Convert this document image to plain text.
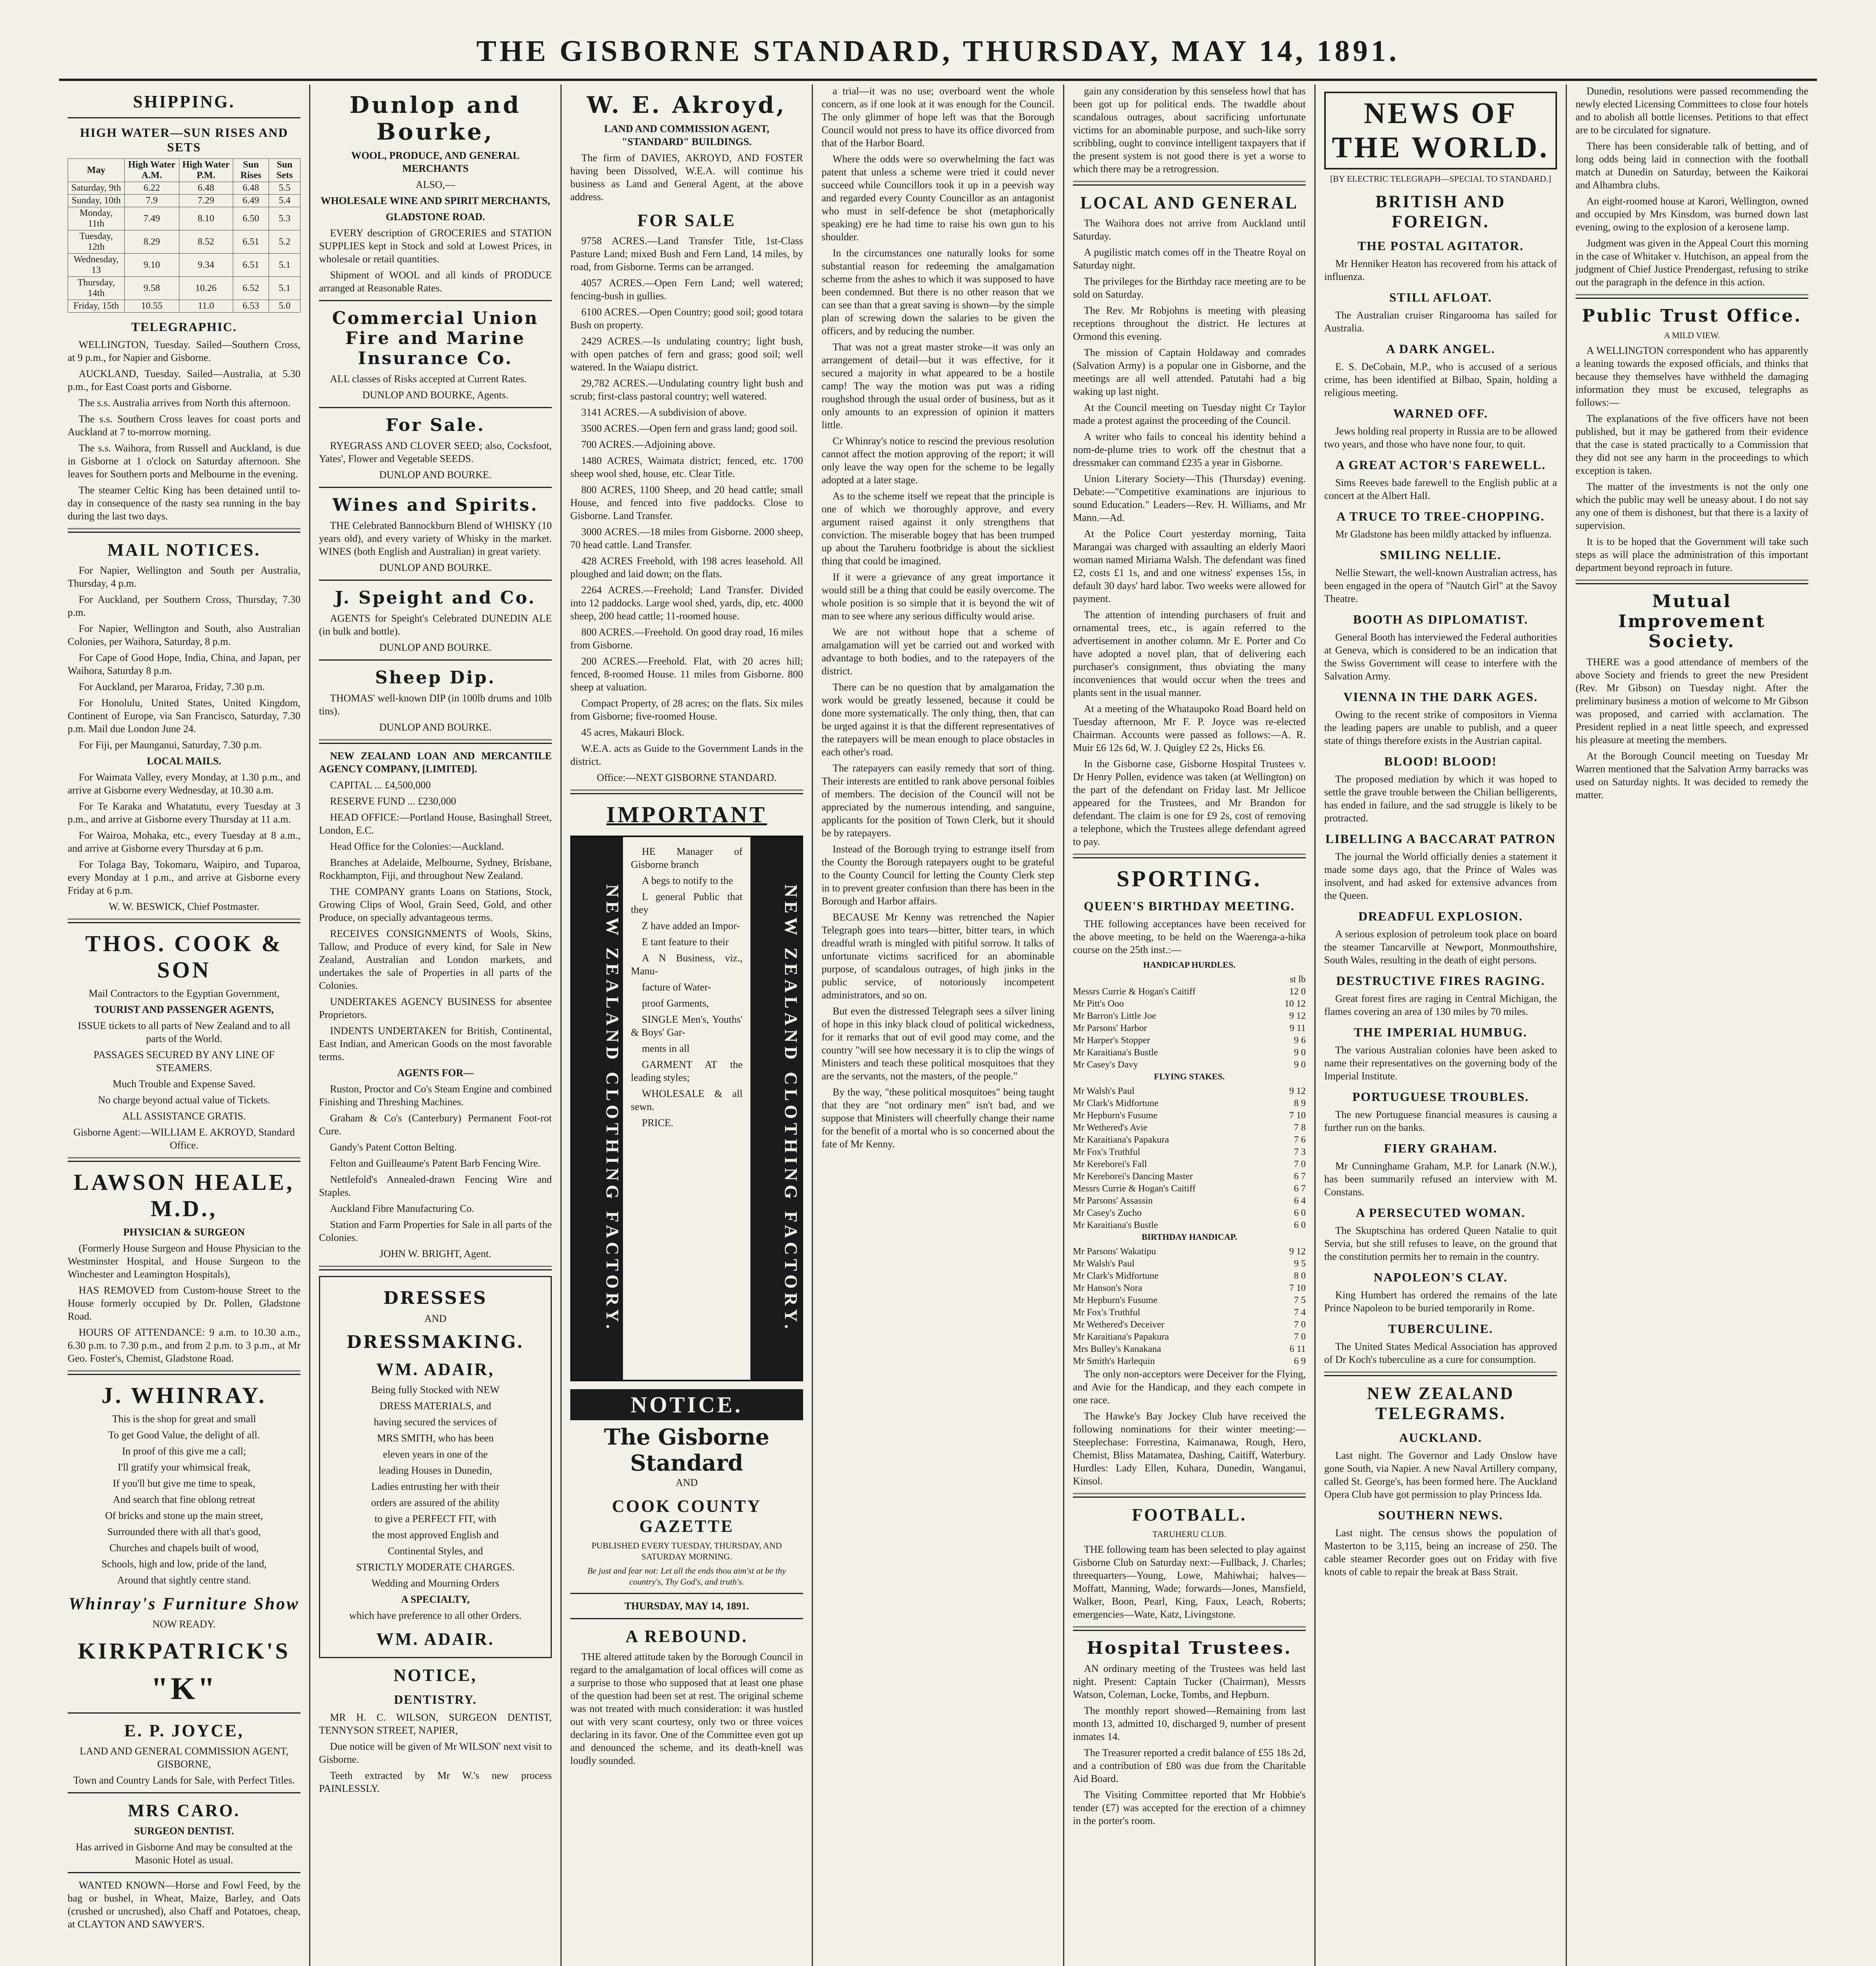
THE GISBORNE STANDARD, THURSDAY, MAY 14, 1891.
SHIPPING.
HIGH WATER—SUN RISES AND SETS
May	High Water A.M.	High Water P.M.	Sun Rises	Sun Sets
Saturday, 9th	6.22	6.48	6.48	5.5
Sunday, 10th	7.9	7.29	6.49	5.4
Monday, 11th	7.49	8.10	6.50	5.3
Tuesday, 12th	8.29	8.52	6.51	5.2
Wednesday, 13	9.10	9.34	6.51	5.1
Thursday, 14th	9.58	10.26	6.52	5.1
Friday, 15th	10.55	11.0	6.53	5.0
TELEGRAPHIC.
WELLINGTON, Tuesday. Sailed—Southern Cross, at 9 p.m., for Napier and Gisborne.
AUCKLAND, Tuesday. Sailed—Australia, at 5.30 p.m., for East Coast ports and Gisborne.
The s.s. Australia arrives from North this afternoon.
The s.s. Southern Cross leaves for coast ports and Auckland at 7 to-morrow morning.
The s.s. Waihora, from Russell and Auckland, is due in Gisborne at 1 o'clock on Saturday afternoon. She leaves for Southern ports and Melbourne in the evening.
The steamer Celtic King has been detained until to-day in consequence of the nasty sea running in the bay during the last two days.
MAIL NOTICES.
For Napier, Wellington and South per Australia, Thursday, 4 p.m.
For Auckland, per Southern Cross, Thursday, 7.30 p.m.
For Napier, Wellington and South, also Australian Colonies, per Waihora, Saturday, 8 p.m.
For Cape of Good Hope, India, China, and Japan, per Waihora, Saturday 8 p.m.
For Auckland, per Mararoa, Friday, 7.30 p.m.
For Honolulu, United States, United Kingdom, Continent of Europe, via San Francisco, Saturday, 7.30 p.m. Mail due London June 24.
For Fiji, per Maunganui, Saturday, 7.30 p.m.
LOCAL MAILS.
For Waimata Valley, every Monday, at 1.30 p.m., and arrive at Gisborne every Wednesday, at 10.30 a.m.
For Te Karaka and Whatatutu, every Tuesday at 3 p.m., and arrive at Gisborne every Thursday at 11 a.m.
For Wairoa, Mohaka, etc., every Tuesday at 8 a.m., and arrive at Gisborne every Thursday at 6 p.m.
For Tolaga Bay, Tokomaru, Waipiro, and Tuparoa, every Monday at 1 p.m., and arrive at Gisborne every Friday at 6 p.m.
W. W. BESWICK, Chief Postmaster.
THOS. COOK & SON
Mail Contractors to the Egyptian Government,
TOURIST AND PASSENGER AGENTS,
ISSUE tickets to all parts of New Zealand and to all parts of the World.
PASSAGES SECURED BY ANY LINE OF STEAMERS.
Much Trouble and Expense Saved.
No charge beyond actual value of Tickets.
ALL ASSISTANCE GRATIS.
Gisborne Agent:—WILLIAM E. AKROYD, Standard Office.
LAWSON HEALE, M.D.,
PHYSICIAN & SURGEON
(Formerly House Surgeon and House Physician to the Westminster Hospital, and House Surgeon to the Winchester and Leamington Hospitals),
HAS REMOVED from Custom-house Street to the House formerly occupied by Dr. Pollen, Gladstone Road.
HOURS OF ATTENDANCE: 9 a.m. to 10.30 a.m., 6.30 p.m. to 7.30 p.m., and from 2 p.m. to 3 p.m., at Mr Geo. Foster's, Chemist, Gladstone Road.
J. WHINRAY.
This is the shop for great and small
To get Good Value, the delight of all.
In proof of this give me a call;
I'll gratify your whimsical freak,
If you'll but give me time to speak,
And search that fine oblong retreat
Of bricks and stone up the main street,
Surrounded there with all that's good,
Churches and chapels built of wood,
Schools, high and low, pride of the land,
Around that sightly centre stand.
Whinray's Furniture Show
NOW READY.
KIRKPATRICK'S
"K"
E. P. JOYCE,
LAND AND GENERAL COMMISSION AGENT, GISBORNE,
Town and Country Lands for Sale, with Perfect Titles.
MRS CARO.
SURGEON DENTIST.
Has arrived in Gisborne And may be consulted at the Masonic Hotel as usual.
WANTED KNOWN—Horse and Fowl Feed, by the bag or bushel, in Wheat, Maize, Barley, and Oats (crushed or uncrushed), also Chaff and Potatoes, cheap, at CLAYTON AND SAWYER'S.
Dunlop and Bourke,
WOOL, PRODUCE, AND GENERAL MERCHANTS
ALSO,—
WHOLESALE WINE AND SPIRIT MERCHANTS,
GLADSTONE ROAD.
EVERY description of GROCERIES and STATION SUPPLIES kept in Stock and sold at Lowest Prices, in wholesale or retail quantities.
Shipment of WOOL and all kinds of PRODUCE arranged at Reasonable Rates.
Commercial Union Fire and Marine Insurance Co.
ALL classes of Risks accepted at Current Rates.
DUNLOP AND BOURKE, Agents.
For Sale.
RYEGRASS AND CLOVER SEED; also, Cocksfoot, Yates', Flower and Vegetable SEEDS.
DUNLOP AND BOURKE.
Wines and Spirits.
THE Celebrated Bannockburn Blend of WHISKY (10 years old), and every variety of Whisky in the market. WINES (both English and Australian) in great variety.
DUNLOP AND BOURKE.
J. Speight and Co.
AGENTS for Speight's Celebrated DUNEDIN ALE (in bulk and bottle).
DUNLOP AND BOURKE.
Sheep Dip.
THOMAS' well-known DIP (in 100lb drums and 10lb tins).
DUNLOP AND BOURKE.
NEW ZEALAND LOAN AND MERCANTILE AGENCY COMPANY, [LIMITED].
CAPITAL ... £4,500,000
RESERVE FUND ... £230,000
HEAD OFFICE:—Portland House, Basinghall Street, London, E.C.
Head Office for the Colonies:—Auckland.
Branches at Adelaide, Melbourne, Sydney, Brisbane, Rockhampton, Fiji, and throughout New Zealand.
THE COMPANY grants Loans on Stations, Stock, Growing Clips of Wool, Grain Seed, Gold, and other Produce, on specially advantageous terms.
RECEIVES CONSIGNMENTS of Wools, Skins, Tallow, and Produce of every kind, for Sale in New Zealand, Australian and London markets, and undertakes the sale of Properties in all parts of the Colonies.
UNDERTAKES AGENCY BUSINESS for absentee Proprietors.
INDENTS UNDERTAKEN for British, Continental, East Indian, and American Goods on the most favorable terms.
AGENTS FOR—
Ruston, Proctor and Co's Steam Engine and combined Finishing and Threshing Machines.
Graham & Co's (Canterbury) Permanent Foot-rot Cure.
Gandy's Patent Cotton Belting.
Felton and Guilleaume's Patent Barb Fencing Wire.
Nettlefold's Annealed-drawn Fencing Wire and Staples.
Auckland Fibre Manufacturing Co.
Station and Farm Properties for Sale in all parts of the Colonies.
JOHN W. BRIGHT, Agent.
DRESSES
AND
DRESSMAKING.
WM. ADAIR,
Being fully Stocked with NEW
DRESS MATERIALS, and
having secured the services of
MRS SMITH, who has been
eleven years in one of the
leading Houses in Dunedin,
Ladies entrusting her with their
orders are assured of the ability
to give a PERFECT FIT, with
the most approved English and
Continental Styles, and
STRICTLY MODERATE CHARGES.
Wedding and Mourning Orders
A SPECIALTY,
which have preference to all other Orders.
WM. ADAIR.
NOTICE,
DENTISTRY.
MR H. C. WILSON, SURGEON DENTIST, TENNYSON STREET, NAPIER,
Due notice will be given of Mr WILSON' next visit to Gisborne.
Teeth extracted by Mr W.'s new process PAINLESSLY.
W. E. Akroyd,
LAND AND COMMISSION AGENT, "STANDARD" BUILDINGS.
The firm of DAVIES, AKROYD, AND FOSTER having been Dissolved, W.E.A. will continue his business as Land and General Agent, at the above address.
FOR SALE
9758 ACRES.—Land Transfer Title, 1st-Class Pasture Land; mixed Bush and Fern Land, 14 miles, by road, from Gisborne. Terms can be arranged.
4057 ACRES.—Open Fern Land; well watered; fencing-bush in gullies.
6100 ACRES.—Open Country; good soil; good totara Bush on property.
2429 ACRES.—Is undulating country; light bush, with open patches of fern and grass; good soil; well watered. In the Waiapu district.
29,782 ACRES.—Undulating country light bush and scrub; first-class pastoral country; well watered.
3141 ACRES.—A subdivision of above.
3500 ACRES.—Open fern and grass land; good soil.
700 ACRES.—Adjoining above.
1480 ACRES, Waimata district; fenced, etc. 1700 sheep wool shed, house, etc. Clear Title.
800 ACRES, 1100 Sheep, and 20 head cattle; small House, and fenced into five paddocks. Close to Gisborne. Land Transfer.
3000 ACRES.—18 miles from Gisborne. 2000 sheep, 70 head cattle. Land Transfer.
428 ACRES Freehold, with 198 acres leasehold. All ploughed and laid down; on the flats.
2264 ACRES.—Freehold; Land Transfer. Divided into 12 paddocks. Large wool shed, yards, dip, etc. 4000 sheep, 200 head cattle; 11-roomed house.
800 ACRES.—Freehold. On good dray road, 16 miles from Gisborne.
200 ACRES.—Freehold. Flat, with 20 acres hill; fenced, 8-roomed House. 11 miles from Gisborne. 800 sheep at valuation.
Compact Property, of 28 acres; on the flats. Six miles from Gisborne; five-roomed House.
45 acres, Makauri Block.
W.E.A. acts as Guide to the Government Lands in the district.
Office:—NEXT GISBORNE STANDARD.
IMPORTANT
NEW ZEALAND CLOTHING FACTORY.
HE Manager of Gisborne branch
A begs to notify to the
L general Public that they
Z have added an Impor-
E tant feature to their
A N Business, viz., Manu-
facture of Water-
proof Garments,
SINGLE Men's, Youths' & Boys' Gar-
ments in all
GARMENT AT the leading styles;
WHOLESALE & all sewn.
PRICE.	NEW ZEALAND CLOTHING FACTORY.
NOTICE.
The Gisborne Standard
AND
COOK COUNTY GAZETTE
PUBLISHED EVERY TUESDAY, THURSDAY, AND SATURDAY MORNING.
Be just and fear not: Let all the ends thou aim'st at be thy country's, Thy God's, and truth's.
THURSDAY, MAY 14, 1891.
A REBOUND.
THE altered attitude taken by the Borough Council in regard to the amalgamation of local offices will come as a surprise to those who supposed that at least one phase of the question had been set at rest. The original scheme was not treated with much consideration: it was hustled out with very scant courtesy, only two or three voices declaring in its favor. One of the Committee even got up and denounced the scheme, and its death-knell was loudly sounded.
a trial—it was no use; overboard went the whole concern, as if one look at it was enough for the Council. The only glimmer of hope left was that the Borough Council would not press to have its office divorced from that of the Harbor Board.
Where the odds were so overwhelming the fact was patent that unless a scheme were tried it could never succeed while Councillors took it up in a peevish way and regarded every County Councillor as an antagonist who must in self-defence be shot (metaphorically speaking) ere he had time to raise his own gun to his shoulder.
In the circumstances one naturally looks for some substantial reason for redeeming the amalgamation scheme from the ashes to which it was supposed to have been condemned. But there is no other reason that we can see than that a great saving is shown—by the simple plan of screwing down the salaries to be given the officers, and by reducing the number.
That was not a great master stroke—it was only an arrangement of detail—but it was effective, for it secured a majority in what appeared to be a hostile camp! The way the motion was put was a riding roughshod through the usual order of business, but as it only amounts to an expression of opinion it matters little.
Cr Whinray's notice to rescind the previous resolution cannot affect the motion approving of the report; it will only leave the way open for the scheme to be legally adopted at a later stage.
As to the scheme itself we repeat that the principle is one of which we thoroughly approve, and every argument raised against it only strengthens that conviction. The miserable bogey that has been trumped up about the Taruheru footbridge is about the sickliest thing that could be imagined.
If it were a grievance of any great importance it would still be a thing that could be easily overcome. The whole position is so simple that it is beyond the wit of man to see where any serious difficulty would arise.
We are not without hope that a scheme of amalgamation will yet be carried out and worked with advantage to both bodies, and to the ratepayers of the district.
There can be no question that by amalgamation the work would be greatly lessened, because it could be done more systematically. The only thing, then, that can be urged against it is that the different representatives of the ratepayers will be mean enough to place obstacles in each other's road.
The ratepayers can easily remedy that sort of thing. Their interests are entitled to rank above personal foibles of members. The decision of the Council will not be appreciated by the numerous intending, and sanguine, applicants for the position of Town Clerk, but it should be by ratepayers.
Instead of the Borough trying to estrange itself from the County the Borough ratepayers ought to be grateful to the County Council for letting the County Clerk step in to prevent greater confusion than there has been in the Borough and Harbor affairs.
BECAUSE Mr Kenny was retrenched the Napier Telegraph goes into tears—bitter, bitter tears, in which dreadful wrath is mingled with pitiful sorrow. It talks of unfortunate victims sacrificed for an abominable purpose, of scandalous outrages, of high jinks in the public service, of notoriously incompetent administrators, and so on.
But even the distressed Telegraph sees a silver lining of hope in this inky black cloud of political wickedness, for it remarks that out of evil good may come, and the country "will see how necessary it is to clip the wings of Ministers and teach these political mosquitoes that they are the servants, not the masters, of the people."
By the way, "these political mosquitoes" being taught that they are "not ordinary men" isn't bad, and we suppose that Ministers will cheerfully change their name for the benefit of a mortal who is so concerned about the fate of Mr Kenny.
gain any consideration by this senseless howl that has been got up for political ends. The twaddle about scandalous outrages, about sacrificing unfortunate victims for an abominable purpose, and such-like sorry scribbling, ought to convince intelligent taxpayers that if the present system is not good there is yet a worse to which there may be a retrogression.
LOCAL AND GENERAL
The Waihora does not arrive from Auckland until Saturday.
A pugilistic match comes off in the Theatre Royal on Saturday night.
The privileges for the Birthday race meeting are to be sold on Saturday.
The Rev. Mr Robjohns is meeting with pleasing receptions throughout the district. He lectures at Ormond this evening.
The mission of Captain Holdaway and comrades (Salvation Army) is a popular one in Gisborne, and the meetings are all well attended. Patutahi had a big waking up last night.
At the Council meeting on Tuesday night Cr Taylor made a protest against the proceeding of the Council.
A writer who fails to conceal his identity behind a nom-de-plume tries to work off the chestnut that a dressmaker can command £235 a year in Gisborne.
Union Literary Society—This (Thursday) evening. Debate:—"Competitive examinations are injurious to sound Education." Leaders—Rev. H. Williams, and Mr Mann.—Ad.
At the Police Court yesterday morning, Taita Marangai was charged with assaulting an elderly Maori woman named Miriama Walsh. The defendant was fined £2, costs £1 1s, and and one witness' expenses 15s, in default 30 days' hard labor. Two weeks were allowed for payment.
The attention of intending purchasers of fruit and ornamental trees, etc., is again referred to the advertisement in another column. Mr E. Porter and Co have adopted a novel plan, that of delivering each purchaser's consignment, thus obviating the many inconveniences that would occur when the trees and plants sent in the usual manner.
At a meeting of the Whataupoko Road Board held on Tuesday afternoon, Mr F. P. Joyce was re-elected Chairman. Accounts were passed as follows:—A. R. Muir £6 12s 6d, W. J. Quigley £2 2s, Hicks £6.
In the Gisborne case, Gisborne Hospital Trustees v. Dr Henry Pollen, evidence was taken (at Wellington) on the part of the defendant on Friday last. Mr Jellicoe appeared for the Trustees, and Mr Brandon for defendant. The claim is one for £9 2s, cost of removing a telephone, which the Trustees allege defendant agreed to pay.
SPORTING.
QUEEN'S BIRTHDAY MEETING.
THE following acceptances have been received for the above meeting, to be held on the Waerenga-a-hika course on the 25th inst.:—
HANDICAP HURDLES.
st lb
Messrs Currie & Hogan's Caitiff	12 0
Mr Pitt's Ooo	10 12
Mr Barron's Little Joe	9 12
Mr Parsons' Harbor	9 11
Mr Harper's Stopper	9 6
Mr Karaitiana's Bustle	9 0
Mr Casey's Davy	9 0
FLYING STAKES.
Mr Walsh's Paul	9 12
Mr Clark's Midfortune	8 9
Mr Hepburn's Fusume	7 10
Mr Wethered's Avie	7 8
Mr Karaitiana's Papakura	7 6
Mr Fox's Truthful	7 3
Mr Kereborei's Fall	7 0
Mr Kereborei's Dancing Master	6 7
Messrs Currie & Hogan's Caitiff	6 7
Mr Parsons' Assassin	6 4
Mr Casey's Zucho	6 0
Mr Karaitiana's Bustle	6 0
BIRTHDAY HANDICAP.
Mr Parsons' Wakatipu	9 12
Mr Walsh's Paul	9 5
Mr Clark's Midfortune	8 0
Mr Hanson's Nora	7 10
Mr Hepburn's Fusume	7 5
Mr Fox's Truthful	7 4
Mr Wethered's Deceiver	7 0
Mr Karaitiana's Papakura	7 0
Mrs Bulley's Kanakana	6 11
Mr Smith's Harlequin	6 9
The only non-acceptors were Deceiver for the Flying, and Avie for the Handicap, and they each compete in one race.
The Hawke's Bay Jockey Club have received the following nominations for their winter meeting:—Steeplechase: Forrestina, Kaimanawa, Rough, Hero, Chemist, Bliss Matamatea, Dashing, Caitiff, Waterbury. Hurdles: Lady Ellen, Kuhara, Dunedin, Wanganui, Kinsol.
FOOTBALL.
TARUHERU CLUB.
THE following team has been selected to play against Gisborne Club on Saturday next:—Fullback, J. Charles; threequarters—Young, Lowe, Mahiwhai; halves—Moffatt, Manning, Wade; forwards—Jones, Mansfield, Walker, Boon, Pearl, King, Faux, Leach, Roberts; emergencies—Wate, Katz, Livingstone.
Hospital Trustees.
AN ordinary meeting of the Trustees was held last night. Present: Captain Tucker (Chairman), Messrs Watson, Coleman, Locke, Tombs, and Hepburn.
The monthly report showed—Remaining from last month 13, admitted 10, discharged 9, number of present inmates 14.
The Treasurer reported a credit balance of £55 18s 2d, and a contribution of £80 was due from the Charitable Aid Board.
The Visiting Committee reported that Mr Hobbie's tender (£7) was accepted for the erection of a chimney in the porter's room.
NEWS OF THE WORLD.
[BY ELECTRIC TELEGRAPH—SPECIAL TO STANDARD.]
BRITISH AND FOREIGN.
THE POSTAL AGITATOR.
Mr Henniker Heaton has recovered from his attack of influenza.
STILL AFLOAT.
The Australian cruiser Ringarooma has sailed for Australia.
A DARK ANGEL.
E. S. DeCobain, M.P., who is accused of a serious crime, has been identified at Bilbao, Spain, holding a religious meeting.
WARNED OFF.
Jews holding real property in Russia are to be allowed two years, and those who have none four, to quit.
A GREAT ACTOR'S FAREWELL.
Sims Reeves bade farewell to the English public at a concert at the Albert Hall.
A TRUCE TO TREE-CHOPPING.
Mr Gladstone has been mildly attacked by influenza.
SMILING NELLIE.
Nellie Stewart, the well-known Australian actress, has been engaged in the opera of "Nautch Girl" at the Savoy Theatre.
BOOTH AS DIPLOMATIST.
General Booth has interviewed the Federal authorities at Geneva, which is considered to be an indication that the Swiss Government will cease to interfere with the Salvation Army.
VIENNA IN THE DARK AGES.
Owing to the recent strike of compositors in Vienna the leading papers are unable to publish, and a queer state of things therefore exists in the Austrian capital.
BLOOD! BLOOD!
The proposed mediation by which it was hoped to settle the grave trouble between the Chilian belligerents, has ended in failure, and the sad struggle is likely to be protracted.
LIBELLING A BACCARAT PATRON
The journal the World officially denies a statement it made some days ago, that the Prince of Wales was insolvent, and had asked for extensive advances from the Queen.
DREADFUL EXPLOSION.
A serious explosion of petroleum took place on board the steamer Tancarville at Newport, Monmouthshire, South Wales, resulting in the death of eight persons.
DESTRUCTIVE FIRES RAGING.
Great forest fires are raging in Central Michigan, the flames covering an area of 130 miles by 70 miles.
THE IMPERIAL HUMBUG.
The various Australian colonies have been asked to name their representatives on the governing body of the Imperial Institute.
PORTUGUESE TROUBLES.
The new Portuguese financial measures is causing a further run on the banks.
FIERY GRAHAM.
Mr Cunninghame Graham, M.P. for Lanark (N.W.), has been summarily refused an interview with M. Constans.
A PERSECUTED WOMAN.
The Skuptschina has ordered Queen Natalie to quit Servia, but she still refuses to leave, on the ground that the constitution permits her to remain in the country.
NAPOLEON'S CLAY.
King Humbert has ordered the remains of the late Prince Napoleon to be buried temporarily in Rome.
TUBERCULINE.
The United States Medical Association has approved of Dr Koch's tuberculine as a cure for consumption.
NEW ZEALAND TELEGRAMS.
AUCKLAND.
Last night. The Governor and Lady Onslow have gone South, via Napier. A new Naval Artillery company, called St. George's, has been formed here. The Auckland Opera Club have got permission to play Princess Ida.
SOUTHERN NEWS.
Last night. The census shows the population of Masterton to be 3,115, being an increase of 250. The cable steamer Recorder goes out on Friday with five knots of cable to repair the break at Bass Strait.
Dunedin, resolutions were passed recommending the newly elected Licensing Committees to close four hotels and to abolish all bottle licenses. Petitions to that effect are to be circulated for signature.
There has been considerable talk of betting, and of long odds being laid in connection with the football match at Dunedin on Saturday, between the Kaikorai and Alhambra clubs.
An eight-roomed house at Karori, Wellington, owned and occupied by Mrs Kinsdom, was burned down last evening, owing to the explosion of a kerosene lamp.
Judgment was given in the Appeal Court this morning in the case of Whitaker v. Hutchison, an appeal from the judgment of Chief Justice Prendergast, refusing to strike out the paragraph in the defence in this action.
Public Trust Office.
A MILD VIEW.
A WELLINGTON correspondent who has apparently a leaning towards the exposed officials, and thinks that because they themselves have withheld the damaging information they must be excused, telegraphs as follows:—
The explanations of the five officers have not been published, but it may be gathered from their evidence that the case is stated practically to a Commission that they did not see any harm in the proceedings to which exception is taken.
The matter of the investments is not the only one which the public may well be uneasy about. I do not say any one of them is dishonest, but that there is a laxity of supervision.
It is to be hoped that the Government will take such steps as will place the administration of this important department beyond reproach in future.
Mutual Improvement Society.
THERE was a good attendance of members of the above Society and friends to greet the new President (Rev. Mr Gibson) on Tuesday night. After the preliminary business a motion of welcome to Mr Gibson was proposed, and carried with acclamation. The President replied in a neat little speech, and expressed his pleasure at meeting the members.
At the Borough Council meeting on Tuesday Mr Warren mentioned that the Salvation Army barracks was used on Saturday nights. It was decided to remedy the matter.
